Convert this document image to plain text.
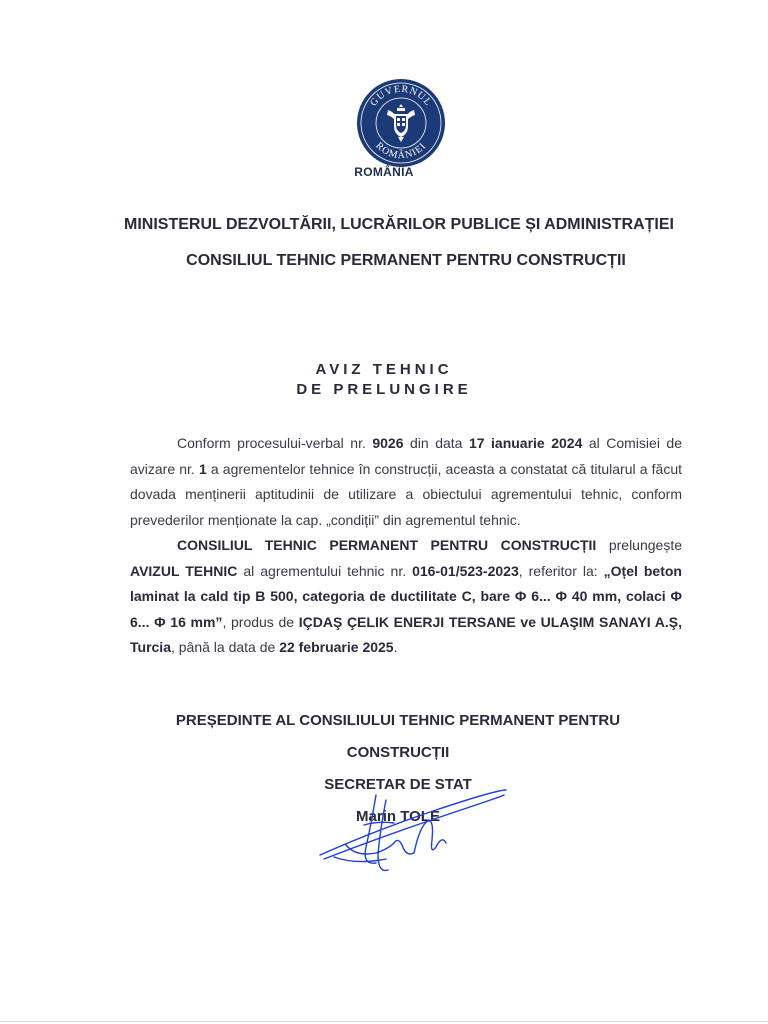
GUVERNUL
ROMÂNIEI
ROMÂNIA
MINISTERUL DEZVOLTĂRII, LUCRĂRILOR PUBLICE ȘI ADMINISTRAȚIEI
CONSILIUL TEHNIC PERMANENT PENTRU CONSTRUCȚII
AVIZ TEHNIC
DE PRELUNGIRE

Conform procesului-verbal nr. 9026 din data 17 ianuarie 2024 al Comisiei de avizare nr. 1 a agrementelor tehnice în construcții, aceasta a constatat că titularul a făcut dovada menținerii aptitudinii de utilizare a obiectului agrementului tehnic, conform prevederilor menționate la cap. „condiții” din agrementul tehnic.

CONSILIUL TEHNIC PERMANENT PENTRU CONSTRUCȚII prelungește AVIZUL TEHNIC al agrementului tehnic nr. 016-01/523-2023, referitor la: „Oțel beton laminat la cald tip B 500, categoria de ductilitate C, bare Φ 6... Φ 40 mm, colaci Φ 6... Φ 16 mm”, produs de IÇDAŞ ÇELIK ENERJI TERSANE ve ULAŞIM SANAYI A.Ş, Turcia, până la data de 22 februarie 2025.

PREȘEDINTE AL CONSILIULUI TEHNIC PERMANENT PENTRU
CONSTRUCȚII
SECRETAR DE STAT
Marin TOLE
